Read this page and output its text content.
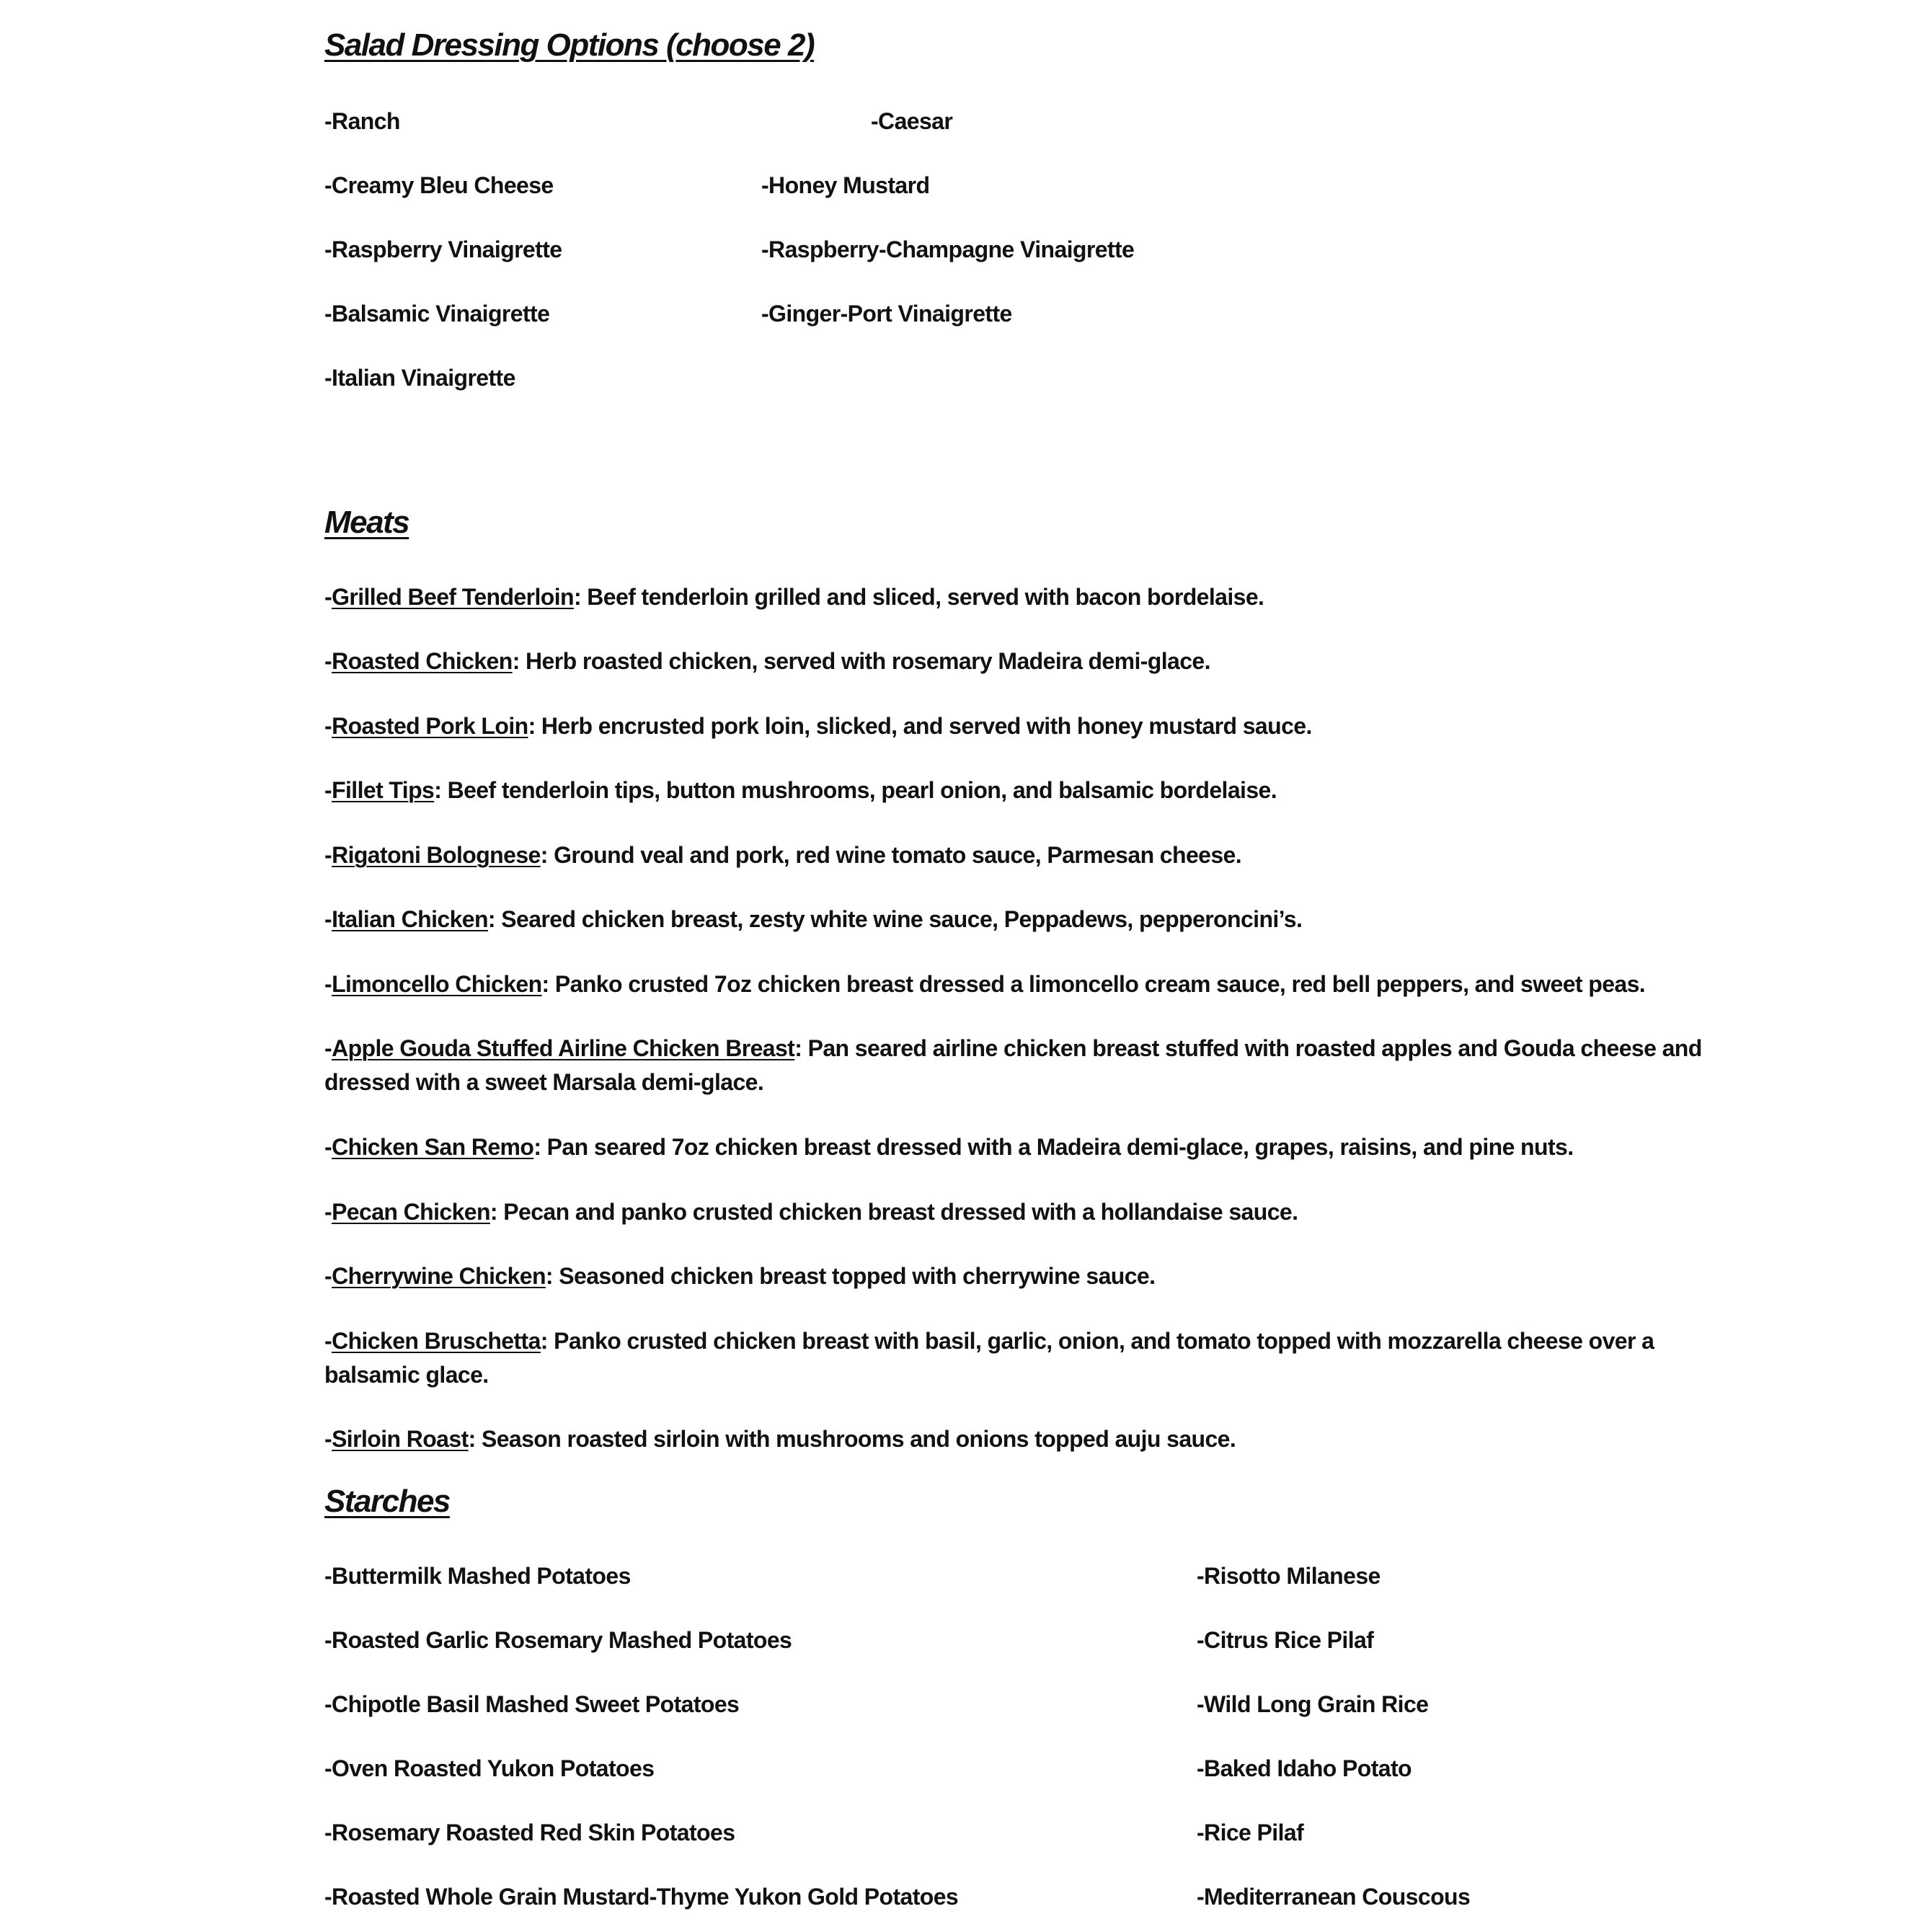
Salad Dressing Options (choose 2)

-Ranch	-Caesar

-Creamy Bleu Cheese	-Honey Mustard

-Raspberry Vinaigrette	-Raspberry-Champagne Vinaigrette

-Balsamic Vinaigrette	-Ginger-Port Vinaigrette

-Italian Vinaigrette

Meats

-Grilled Beef Tenderloin: Beef tenderloin grilled and sliced, served with bacon bordelaise.

-Roasted Chicken: Herb roasted chicken, served with rosemary Madeira demi-glace.

-Roasted Pork Loin: Herb encrusted pork loin, slicked, and served with honey mustard sauce.

-Fillet Tips: Beef tenderloin tips, button mushrooms, pearl onion, and balsamic bordelaise.

-Rigatoni Bolognese: Ground veal and pork, red wine tomato sauce, Parmesan cheese.

-Italian Chicken: Seared chicken breast, zesty white wine sauce, Peppadews, pepperoncini’s.

-Limoncello Chicken: Panko crusted 7oz chicken breast dressed a limoncello cream sauce, red bell peppers, and sweet peas.

-Apple Gouda Stuffed Airline Chicken Breast: Pan seared airline chicken breast stuffed with roasted apples and Gouda cheese and dressed with a sweet Marsala demi-glace.

-Chicken San Remo: Pan seared 7oz chicken breast dressed with a Madeira demi-glace, grapes, raisins, and pine nuts.

-Pecan Chicken: Pecan and panko crusted chicken breast dressed with a hollandaise sauce.

-Cherrywine Chicken: Seasoned chicken breast topped with cherrywine sauce.

-Chicken Bruschetta: Panko crusted chicken breast with basil, garlic, onion, and tomato topped with mozzarella cheese over a balsamic glace.

-Sirloin Roast: Season roasted sirloin with mushrooms and onions topped auju sauce.

Starches

-Buttermilk Mashed Potatoes	-Risotto Milanese

-Roasted Garlic Rosemary Mashed Potatoes	-Citrus Rice Pilaf

-Chipotle Basil Mashed Sweet Potatoes	-Wild Long Grain Rice

-Oven Roasted Yukon Potatoes	-Baked Idaho Potato

-Rosemary Roasted Red Skin Potatoes	-Rice Pilaf

-Roasted Whole Grain Mustard-Thyme Yukon Gold Potatoes	-Mediterranean Couscous
